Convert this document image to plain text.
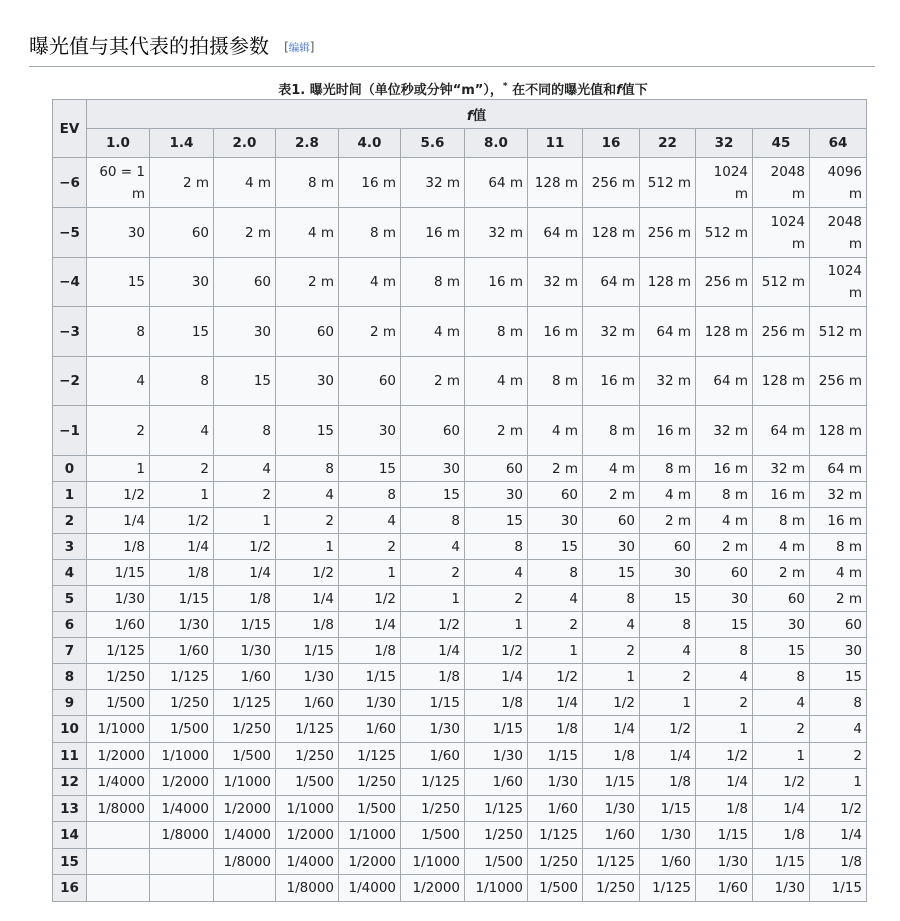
曝光值与其代表的拍摄参数 [编辑]
表1. 曝光时间（单位秒或分钟“m”），* 在不同的曝光值和f值下
EV	f值												
	1.0	1.4	2.0	2.8	4.0	5.6	8.0	11	16	22	32	45	64
−6	60 = 1 m	2 m	4 m	8 m	16 m	32 m	64 m	128 m	256 m	512 m	1024 m	2048 m	4096 m
−5	30	60	2 m	4 m	8 m	16 m	32 m	64 m	128 m	256 m	512 m	1024 m	2048 m
−4	15	30	60	2 m	4 m	8 m	16 m	32 m	64 m	128 m	256 m	512 m	1024 m
−3	8	15	30	60	2 m	4 m	8 m	16 m	32 m	64 m	128 m	256 m	512 m
−2	4	8	15	30	60	2 m	4 m	8 m	16 m	32 m	64 m	128 m	256 m
−1	2	4	8	15	30	60	2 m	4 m	8 m	16 m	32 m	64 m	128 m
0	1	2	4	8	15	30	60	2 m	4 m	8 m	16 m	32 m	64 m
1	1/2	1	2	4	8	15	30	60	2 m	4 m	8 m	16 m	32 m
2	1/4	1/2	1	2	4	8	15	30	60	2 m	4 m	8 m	16 m
3	1/8	1/4	1/2	1	2	4	8	15	30	60	2 m	4 m	8 m
4	1/15	1/8	1/4	1/2	1	2	4	8	15	30	60	2 m	4 m
5	1/30	1/15	1/8	1/4	1/2	1	2	4	8	15	30	60	2 m
6	1/60	1/30	1/15	1/8	1/4	1/2	1	2	4	8	15	30	60
7	1/125	1/60	1/30	1/15	1/8	1/4	1/2	1	2	4	8	15	30
8	1/250	1/125	1/60	1/30	1/15	1/8	1/4	1/2	1	2	4	8	15
9	1/500	1/250	1/125	1/60	1/30	1/15	1/8	1/4	1/2	1	2	4	8
10	1/1000	1/500	1/250	1/125	1/60	1/30	1/15	1/8	1/4	1/2	1	2	4
11	1/2000	1/1000	1/500	1/250	1/125	1/60	1/30	1/15	1/8	1/4	1/2	1	2
12	1/4000	1/2000	1/1000	1/500	1/250	1/125	1/60	1/30	1/15	1/8	1/4	1/2	1
13	1/8000	1/4000	1/2000	1/1000	1/500	1/250	1/125	1/60	1/30	1/15	1/8	1/4	1/2
14		1/8000	1/4000	1/2000	1/1000	1/500	1/250	1/125	1/60	1/30	1/15	1/8	1/4
15			1/8000	1/4000	1/2000	1/1000	1/500	1/250	1/125	1/60	1/30	1/15	1/8
16				1/8000	1/4000	1/2000	1/1000	1/500	1/250	1/125	1/60	1/30	1/15
